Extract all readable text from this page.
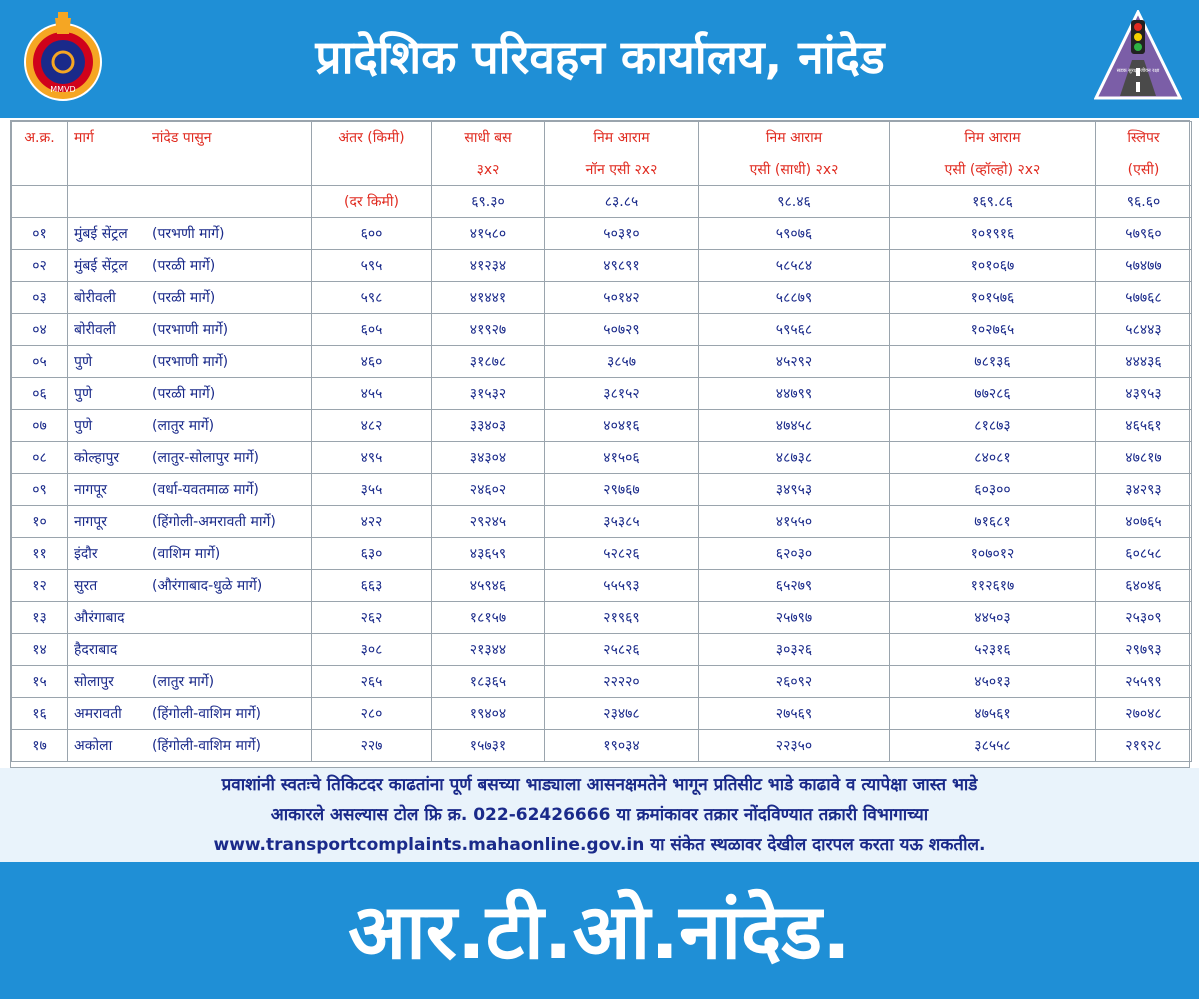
MMVD
प्रादेशिक परिवहन कार्यालय, नांदेड	सडक सुरक्षा जीवन रक्षा
अ.क्र.	मार्ग नांदेड पासुन	अंतर (किमी)	साधी बस	निम आराम	निम आराम	निम आराम	स्लिपर
			३x२	नॉन एसी २x२	एसी (साधी) २x२	एसी (व्हॉल्हो) २x२	(एसी)
		(दर किमी)	६९.३०	८३.८५	९८.४६	१६९.८६	९६.६०
०१	मुंबई सेंट्रल (परभणी मार्गे)	६००	४१५८०	५०३१०	५९०७६	१०१९१६	५७९६०
०२	मुंबई सेंट्रल (परळी मार्गे)	५९५	४१२३४	४९८९१	५८५८४	१०१०६७	५७४७७
०३	बोरीवली (परळी मार्गे)	५९८	४१४४१	५०१४२	५८८७९	१०१५७६	५७७६८
०४	बोरीवली (परभाणी मार्गे)	६०५	४१९२७	५०७२९	५९५६८	१०२७६५	५८४४३
०५	पुणे (परभाणी मार्गे)	४६०	३१८७८	३८५७	४५२९२	७८१३६	४४४३६
०६	पुणे (परळी मार्गे)	४५५	३१५३२	३८१५२	४४७९९	७७२८६	४३९५३
०७	पुणे (लातुर मार्गे)	४८२	३३४०३	४०४१६	४७४५८	८१८७३	४६५६१
०८	कोल्हापुर (लातुर-सोलापुर मार्गे)	४९५	३४३०४	४१५०६	४८७३८	८४०८१	४७८१७
०९	नागपूर (वर्धा-यवतमाळ मार्गे)	३५५	२४६०२	२९७६७	३४९५३	६०३००	३४२९३
१०	नागपूर (हिंगोली-अमरावती मार्गे)	४२२	२९२४५	३५३८५	४१५५०	७१६८१	४०७६५
११	इंदौर (वाशिम मार्गे)	६३०	४३६५९	५२८२६	६२०३०	१०७०१२	६०८५८
१२	सुरत (औरंगाबाद-धुळे मार्गे)	६६३	४५९४६	५५५९३	६५२७९	११२६१७	६४०४६
१३	औरंगाबाद	२६२	१८१५७	२१९६९	२५७९७	४४५०३	२५३०९
१४	हैदराबाद	३०८	२१३४४	२५८२६	३०३२६	५२३१६	२९७९३
१५	सोलापुर (लातुर मार्गे)	२६५	१८३६५	२२२२०	२६०९२	४५०१३	२५५९९
१६	अमरावती (हिंगोली-वाशिम मार्गे)	२८०	१९४०४	२३४७८	२७५६९	४७५६१	२७०४८
१७	अकोला (हिंगोली-वाशिम मार्गे)	२२७	१५७३१	१९०३४	२२३५०	३८५५८	२१९२८
प्रवाशांनी स्वतःचे तिकिटदर काढतांना पूर्ण बसच्या भाड्याला आसनक्षमतेने भागून प्रतिसीट भाडे काढावे व त्यापेक्षा जास्त भाडे
आकारले असल्यास टोल फ्रि क्र. 022-62426666 या क्रमांकावर तक्रार नोंदविण्यात तक्रारी विभागाच्या
www.transportcomplaints.mahaonline.gov.in या संकेत स्थळावर देखील दारपल करता यऊ शकतील.
आर.टी.ओ.नांदेड.
